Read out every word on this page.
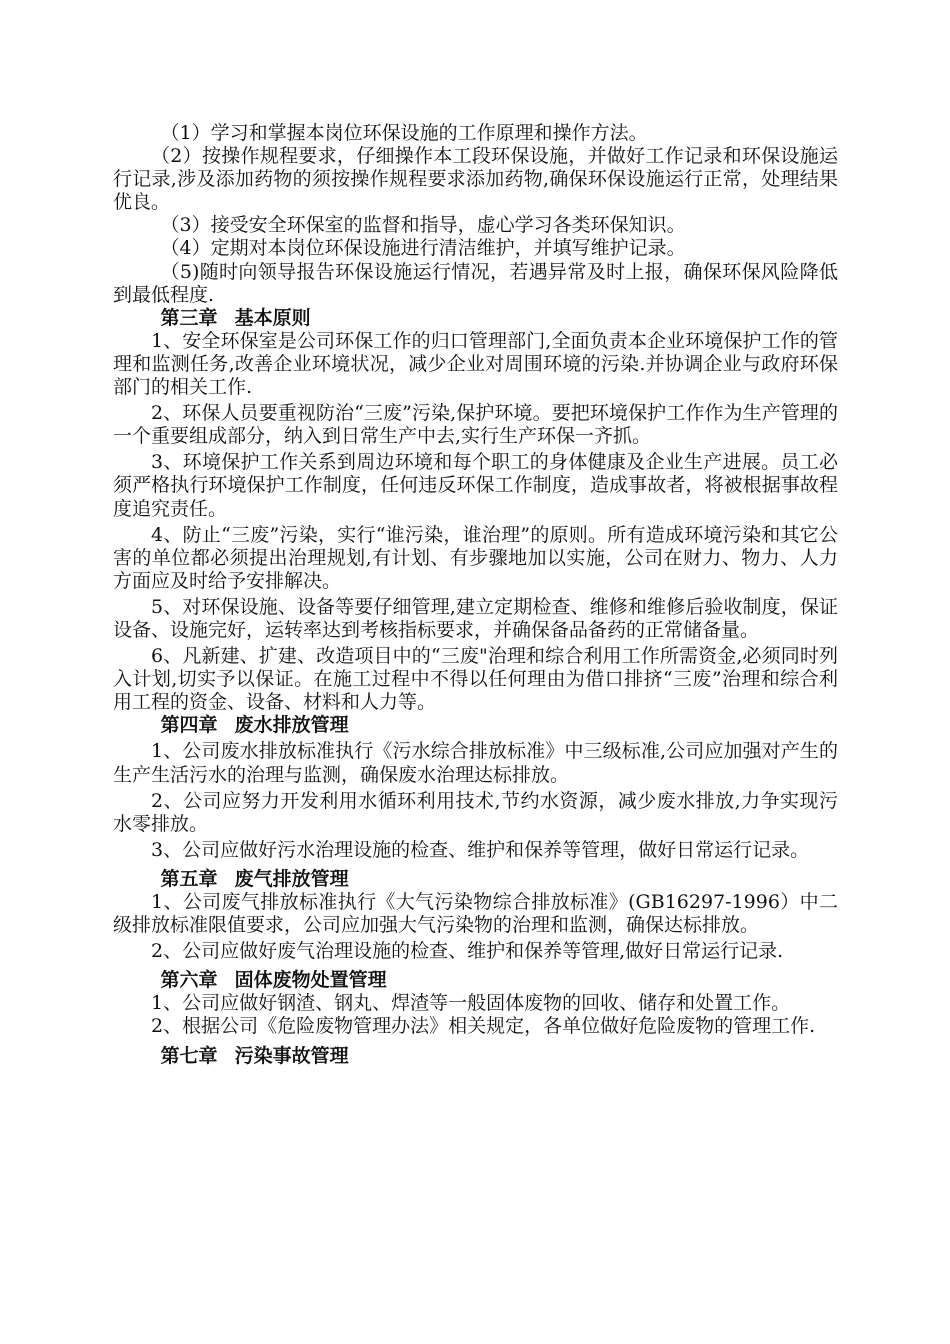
（1）学习和掌握本岗位环保设施的工作原理和操作方法。

（2）按操作规程要求，仔细操作本工段环保设施，并做好工作记录和环保设施运行记录,涉及添加药物的须按操作规程要求添加药物,确保环保设施运行正常，处理结果优良。

（3）接受安全环保室的监督和指导，虚心学习各类环保知识。

（4）定期对本岗位环保设施进行清洁维护，并填写维护记录。

（5)随时向领导报告环保设施运行情况，若遇异常及时上报，确保环保风险降低到最低程度.

第三章 基本原则

1、安全环保室是公司环保工作的归口管理部门,全面负责本企业环境保护工作的管理和监测任务,改善企业环境状况，减少企业对周围环境的污染.并协调企业与政府环保部门的相关工作.

2、环保人员要重视防治“三废”污染,保护环境。要把环境保护工作作为生产管理的一个重要组成部分，纳入到日常生产中去,实行生产环保一齐抓。

3、环境保护工作关系到周边环境和每个职工的身体健康及企业生产进展。员工必须严格执行环境保护工作制度，任何违反环保工作制度，造成事故者，将被根据事故程度追究责任。

4、防止“三废”污染，实行“谁污染，谁治理”的原则。所有造成环境污染和其它公害的单位都必须提出治理规划,有计划、有步骤地加以实施，公司在财力、物力、人力方面应及时给予安排解决。

5、对环保设施、设备等要仔细管理,建立定期检查、维修和维修后验收制度，保证设备、设施完好，运转率达到考核指标要求，并确保备品备药的正常储备量。

6、凡新建、扩建、改造项目中的“三废"治理和综合利用工作所需资金,必须同时列入计划,切实予以保证。在施工过程中不得以任何理由为借口排挤“三废”治理和综合利用工程的资金、设备、材料和人力等。

第四章 废水排放管理

1、公司废水排放标准执行《污水综合排放标准》中三级标准,公司应加强对产生的生产生活污水的治理与监测，确保废水治理达标排放。

2、公司应努力开发利用水循环利用技术,节约水资源，减少废水排放,力争实现污水零排放。

3、公司应做好污水治理设施的检查、维护和保养等管理，做好日常运行记录。

第五章 废气排放管理

1、公司废气排放标准执行《大气污染物综合排放标准》(GB16297-1996）中二级排放标准限值要求，公司应加强大气污染物的治理和监测，确保达标排放。

2、公司应做好废气治理设施的检查、维护和保养等管理,做好日常运行记录.

第六章 固体废物处置管理

1、公司应做好钢渣、钢丸、焊渣等一般固体废物的回收、储存和处置工作。

2、根据公司《危险废物管理办法》相关规定，各单位做好危险废物的管理工作.

第七章 污染事故管理
